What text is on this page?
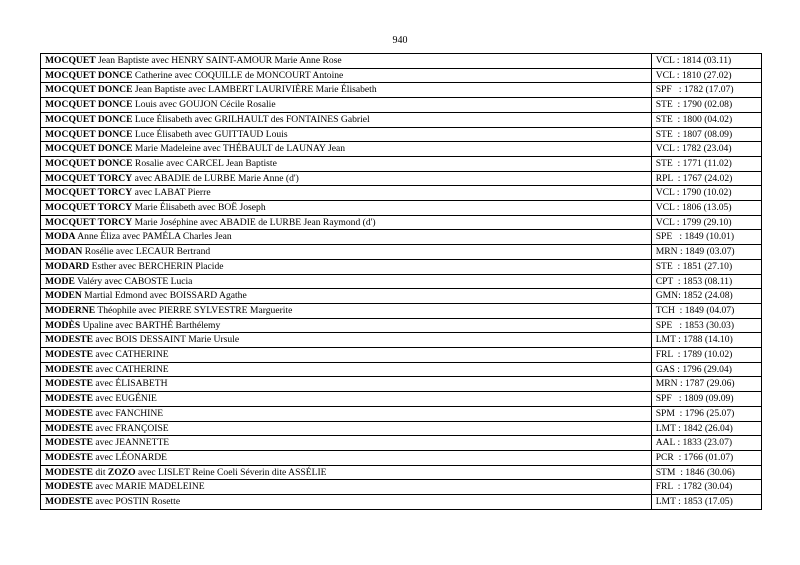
940
MOCQUET Jean Baptiste avec HENRY SAINT-AMOUR Marie Anne Rose	VCL : 1814 (03.11)
MOCQUET DONCE Catherine avec COQUILLE de MONCOURT Antoine	VCL : 1810 (27.02)
MOCQUET DONCE Jean Baptiste avec LAMBERT LAURIVIÈRE Marie Élisabeth	SPF   : 1782 (17.07)
MOCQUET DONCE Louis avec GOUJON Cécile Rosalie	STE  : 1790 (02.08)
MOCQUET DONCE Luce Élisabeth avec GRILHAULT des FONTAINES Gabriel	STE  : 1800 (04.02)
MOCQUET DONCE Luce Élisabeth avec GUITTAUD Louis	STE  : 1807 (08.09)
MOCQUET DONCE Marie Madeleine avec THÉBAULT de LAUNAY Jean	VCL : 1782 (23.04)
MOCQUET DONCE Rosalie avec CARCEL Jean Baptiste	STE  : 1771 (11.02)
MOCQUET TORCY avec ABADIE de LURBE Marie Anne (d')	RPL  : 1767 (24.02)
MOCQUET TORCY avec LABAT Pierre	VCL : 1790 (10.02)
MOCQUET TORCY Marie Élisabeth avec BOË Joseph	VCL : 1806 (13.05)
MOCQUET TORCY Marie Joséphine avec ABADIE de LURBE Jean Raymond (d')	VCL : 1799 (29.10)
MODA Anne Éliza avec PAMÉLA Charles Jean	SPE   : 1849 (10.01)
MODAN Rosélie avec LECAUR Bertrand	MRN : 1849 (03.07)
MODARD Esther avec BERCHERIN Placide	STE  : 1851 (27.10)
MODE Valéry avec CABOSTE Lucia	CPT  : 1853 (08.11)
MODEN Martial Edmond avec BOISSARD Agathe	GMN: 1852 (24.08)
MODERNE Théophile avec PIERRE SYLVESTRE Marguerite	TCH  : 1849 (04.07)
MODÈS Upaline avec BARTHÉ Barthélemy	SPE   : 1853 (30.03)
MODESTE avec BOIS DESSAINT Marie Ursule	LMT : 1788 (14.10)
MODESTE avec CATHERINE	FRL  : 1789 (10.02)
MODESTE avec CATHERINE	GAS : 1796 (29.04)
MODESTE avec ÉLISABETH	MRN : 1787 (29.06)
MODESTE avec EUGÉNIE	SPF   : 1809 (09.09)
MODESTE avec FANCHINE	SPM  : 1796 (25.07)
MODESTE avec FRANÇOISE	LMT : 1842 (26.04)
MODESTE avec JEANNETTE	AAL : 1833 (23.07)
MODESTE avec LÉONARDE	PCR  : 1766 (01.07)
MODESTE dit ZOZO avec LISLET Reine Coeli Séverin dite ASSÉLIE	STM  : 1846 (30.06)
MODESTE avec MARIE MADELEINE	FRL  : 1782 (30.04)
MODESTE avec POSTIN Rosette	LMT : 1853 (17.05)
